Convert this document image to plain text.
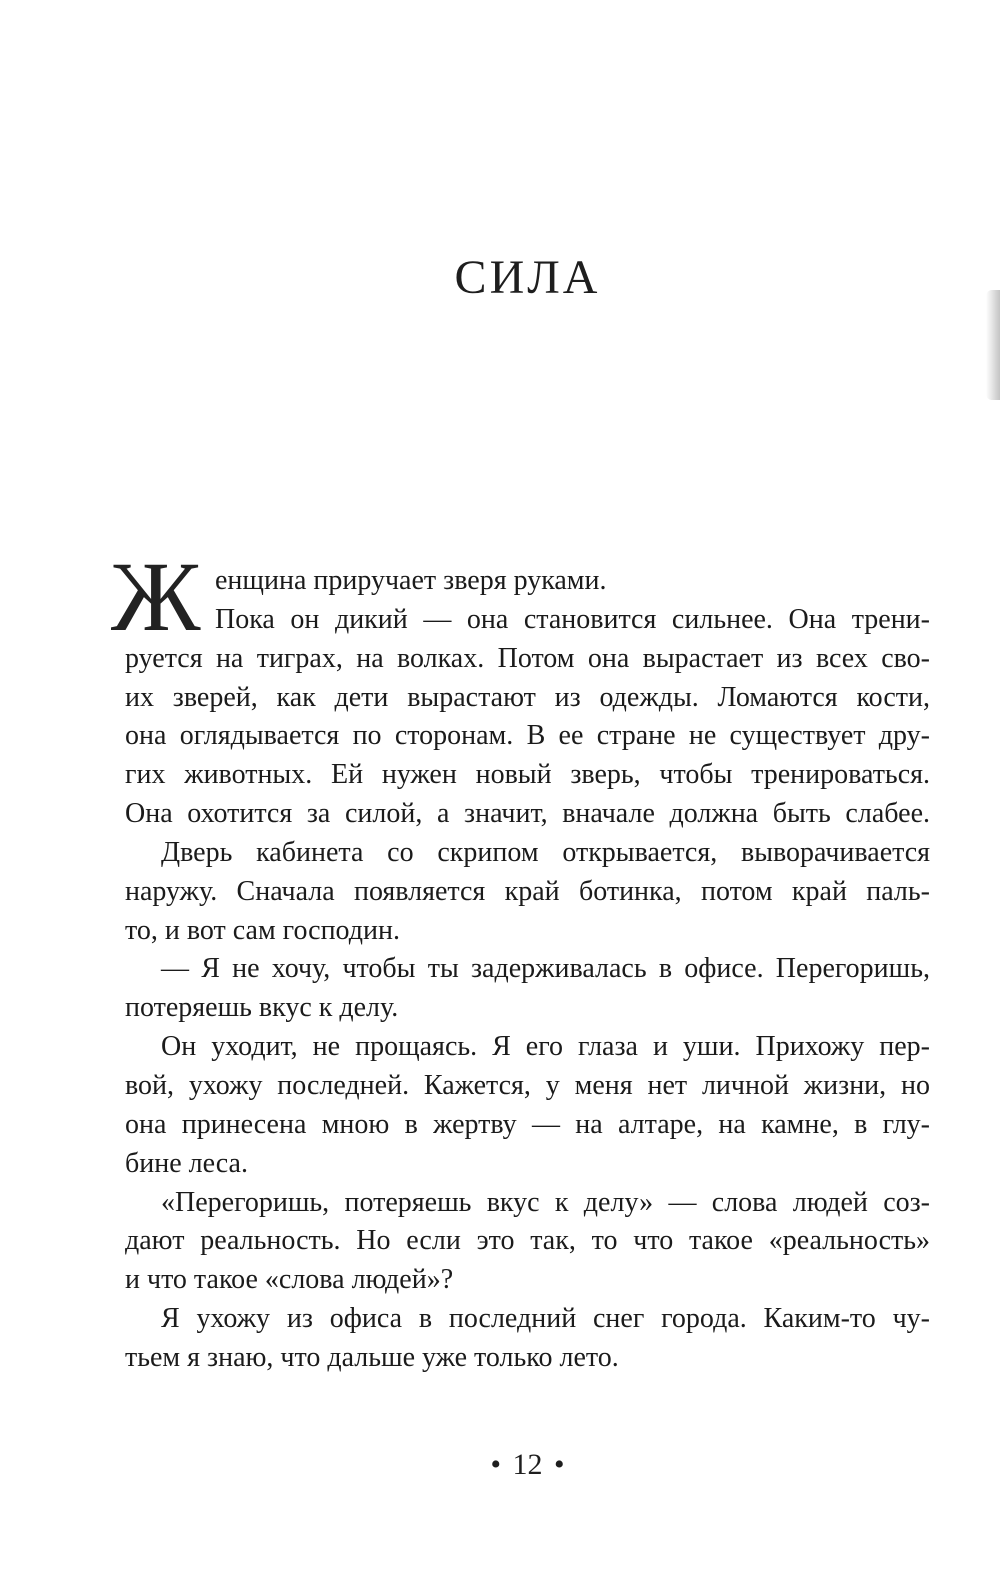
СИЛА
Ж енщина приручает зверя руками.
Пока он дикий — она становится сильнее. Она трени-
руется на тиграх, на волках. Потом она вырастает из всех сво-
их зверей, как дети вырастают из одежды. Ломаются кости,
она оглядывается по сторонам. В ее стране не существует дру-
гих животных. Ей нужен новый зверь, чтобы тренироваться.
Она охотится за силой, а значит, вначале должна быть слабее.
Дверь кабинета со скрипом открывается, выворачивается
наружу. Сначала появляется край ботинка, потом край паль-
то, и вот сам господин.
— Я не хочу, чтобы ты задерживалась в офисе. Перегоришь,
потеряешь вкус к делу.
Он уходит, не прощаясь. Я его глаза и уши. Прихожу пер-
вой, ухожу последней. Кажется, у меня нет личной жизни, но
она принесена мною в жертву — на алтаре, на камне, в глу-
бине леса.
«Перегоришь, потеряешь вкус к делу» — слова людей соз-
дают реальность. Но если это так, то что такое «реальность»
и что такое «слова людей»?
Я ухожу из офиса в последний снег города. Каким-то чу-
тьем я знаю, что дальше уже только лето.
• 12 •
